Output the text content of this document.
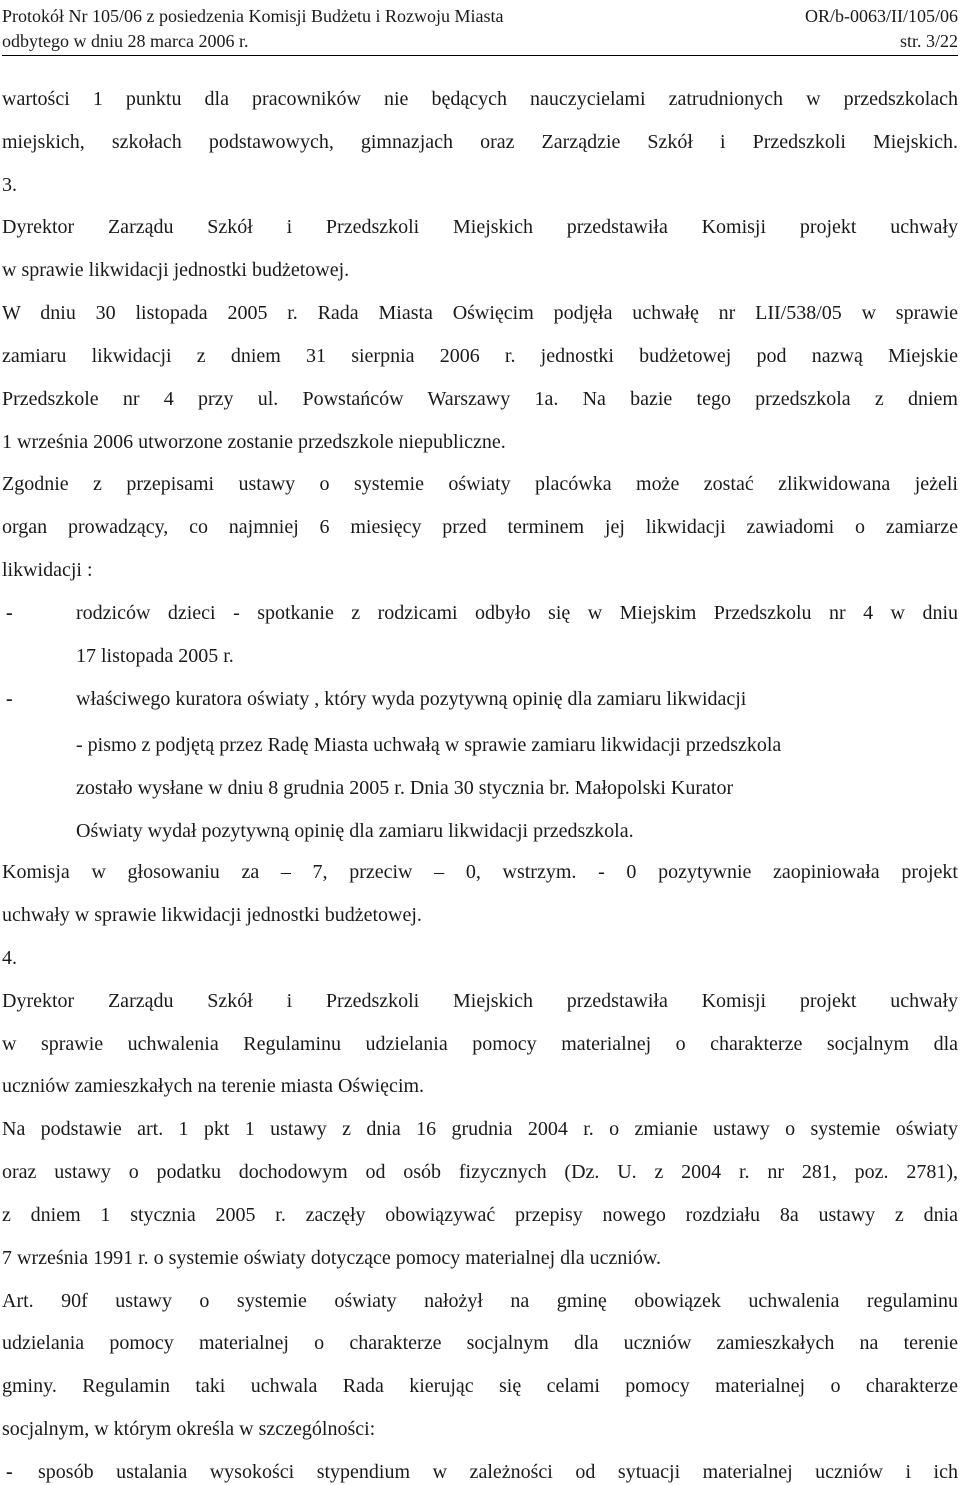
Protokół Nr 105/06 z posiedzenia Komisji Budżetu i Rozwoju Miasta	OR/b-0063/II/105/06
odbytego w dniu 28 marca 2006 r.	str. 3/22
wartości 1 punktu dla pracowników nie będących nauczycielami zatrudnionych w przedszkolach
miejskich, szkołach podstawowych, gimnazjach oraz Zarządzie Szkół i Przedszkoli Miejskich.
3.
Dyrektor Zarządu Szkół i Przedszkoli Miejskich przedstawiła Komisji projekt uchwały
w sprawie likwidacji jednostki budżetowej.
W dniu 30 listopada 2005 r. Rada Miasta Oświęcim podjęła uchwałę nr LII/538/05 w sprawie
zamiaru likwidacji z dniem 31 sierpnia 2006 r. jednostki budżetowej pod nazwą Miejskie
Przedszkole nr 4 przy ul. Powstańców Warszawy 1a. Na bazie tego przedszkola z dniem
1 września 2006 utworzone zostanie przedszkole niepubliczne.
Zgodnie z przepisami ustawy o systemie oświaty placówka może zostać zlikwidowana jeżeli
organ prowadzący, co najmniej 6 miesięcy przed terminem jej likwidacji zawiadomi o zamiarze
likwidacji :
-	rodziców dzieci - spotkanie z rodzicami odbyło się w Miejskim Przedszkolu nr 4 w dniu
17 listopada 2005 r.
-	właściwego kuratora oświaty , który wyda pozytywną opinię dla zamiaru likwidacji
- pismo z podjętą przez Radę Miasta uchwałą w sprawie zamiaru likwidacji przedszkola
zostało wysłane w dniu 8 grudnia 2005 r. Dnia 30 stycznia br. Małopolski Kurator
Oświaty wydał pozytywną opinię dla zamiaru likwidacji przedszkola.
Komisja w głosowaniu za – 7, przeciw – 0, wstrzym. - 0 pozytywnie zaopiniowała projekt
uchwały w sprawie likwidacji jednostki budżetowej.
4.
Dyrektor Zarządu Szkół i Przedszkoli Miejskich przedstawiła Komisji projekt uchwały
w sprawie uchwalenia Regulaminu udzielania pomocy materialnej o charakterze socjalnym dla
uczniów zamieszkałych na terenie miasta Oświęcim.
Na podstawie art. 1 pkt 1 ustawy z dnia 16 grudnia 2004 r. o zmianie ustawy o systemie oświaty
oraz ustawy o podatku dochodowym od osób fizycznych (Dz. U. z 2004 r. nr 281, poz. 2781),
z dniem 1 stycznia 2005 r. zaczęły obowiązywać przepisy nowego rozdziału 8a ustawy z dnia
7 września 1991 r. o systemie oświaty dotyczące pomocy materialnej dla uczniów.
Art. 90f ustawy o systemie oświaty nałożył na gminę obowiązek uchwalenia regulaminu
udzielania pomocy materialnej o charakterze socjalnym dla uczniów zamieszkałych na terenie
gminy. Regulamin taki uchwala Rada kierując się celami pomocy materialnej o charakterze
socjalnym, w którym określa w szczególności:
- sposób ustalania wysokości stypendium w zależności od sytuacji materialnej uczniów i ich
